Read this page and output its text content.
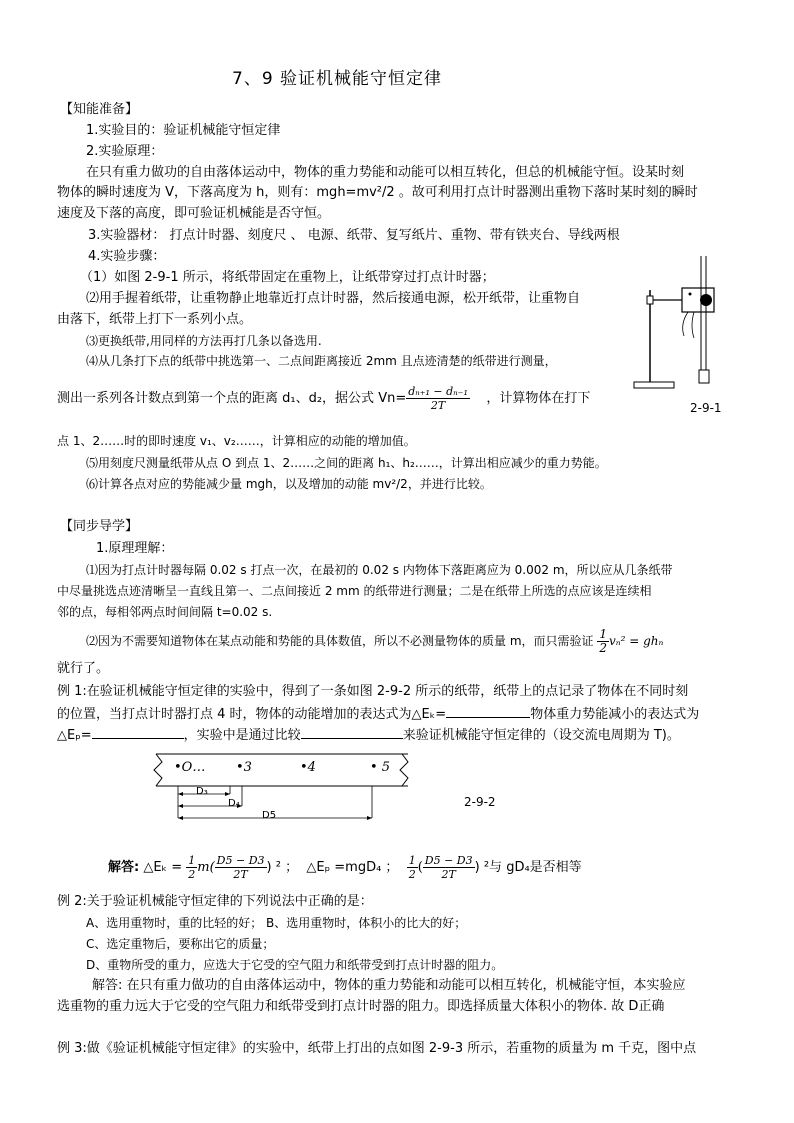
7、9 验证机械能守恒定律
【知能准备】
1.实验目的：验证机械能守恒定律
2.实验原理：
在只有重力做功的自由落体运动中，物体的重力势能和动能可以相互转化，但总的机械能守恒。设某时刻
物体的瞬时速度为 V，下落高度为 h，则有：mgh=mv²/2 。故可利用打点计时器测出重物下落时某时刻的瞬时
速度及下落的高度，即可验证机械能是否守恒。
3.实验器材： 打点计时器、刻度尺 、 电源、纸带、复写纸片、重物、带有铁夹台、导线两根
4.实验步骤：
（1）如图 2-9-1 所示，将纸带固定在重物上，让纸带穿过打点计时器；
⑵用手握着纸带，让重物静止地靠近打点计时器，然后接通电源，松开纸带，让重物自
由落下，纸带上打下一系列小点。
⑶更换纸带,用同样的方法再打几条以备选用.
⑷从几条打下点的纸带中挑选第一、二点间距离接近 2mm 且点迹清楚的纸带进行测量，
测出一系列各计数点到第一个点的距离 d₁、d₂，据公式 $Vn= \frac{\text{dₙ₊₁ − dₙ₋₁}}{2T}$ ，计算物体在打下
点 1、2……时的即时速度 v₁、v₂……，计算相应的动能的增加值。
⑸用刻度尺测量纸带从点 O 到点 1、2……之间的距离 h₁、h₂……，计算出相应减少的重力势能。
⑹计算各点对应的势能减少量 mgh，以及增加的动能 mv²/2，并进行比较。
2-9-1
【同步导学】
1.原理理解：
⑴因为打点计时器每隔 0.02 s 打点一次，在最初的 0.02 s 内物体下落距离应为 0.002 m，所以应从几条纸带
中尽量挑选点迹清晰呈一直线且第一、二点间接近 2 mm 的纸带进行测量；二是在纸带上所选的点应该是连续相
邻的点，每相邻两点时间间隔 t=0.02 s.
⑵因为不需要知道物体在某点动能和势能的具体数值，所以不必测量物体的质量 m，而只需验证 $\frac{1}{2} v_n^2 = gh_n$
就行了。
例 1:在验证机械能守恒定律的实验中，得到了一条如图 2-9-2 所示的纸带，纸带上的点记录了物体在不同时刻
的位置，当打点计时器打点 4 时，物体的动能增加的表达式为△Eₖ=	物体重力势能减小的表达式为
△Eₚ=	，实验中是通过比较	来验证机械能守恒定律的（设交流电周期为 T)。
•O… •3	•4	• 5
D₃
D₄
D5
2-9-2
解答: △Eₖ = $\frac{1}{2} m( \frac{D5 - D3}{2T}$ ) ² ； △Eₚ =mgD₄ ； $\frac{1}{2}$ ( $\frac{D5 - D3}{2T}$ ) ²与 gD₄是否相等
例 2:关于验证机械能守恒定律的下列说法中正确的是：
A、选用重物时，重的比轻的好； B、选用重物时，体积小的比大的好；
C、选定重物后，要称出它的质量；
D、重物所受的重力，应选大于它受的空气阻力和纸带受到打点计时器的阻力。
解答: 在只有重力做功的自由落体运动中，物体的重力势能和动能可以相互转化，机械能守恒，本实验应
选重物的重力远大于它受的空气阻力和纸带受到打点计时器的阻力。即选择质量大体积小的物体. 故 D正确
例 3:做《验证机械能守恒定律》的实验中，纸带上打出的点如图 2-9-3 所示，若重物的质量为 m 千克，图中点
